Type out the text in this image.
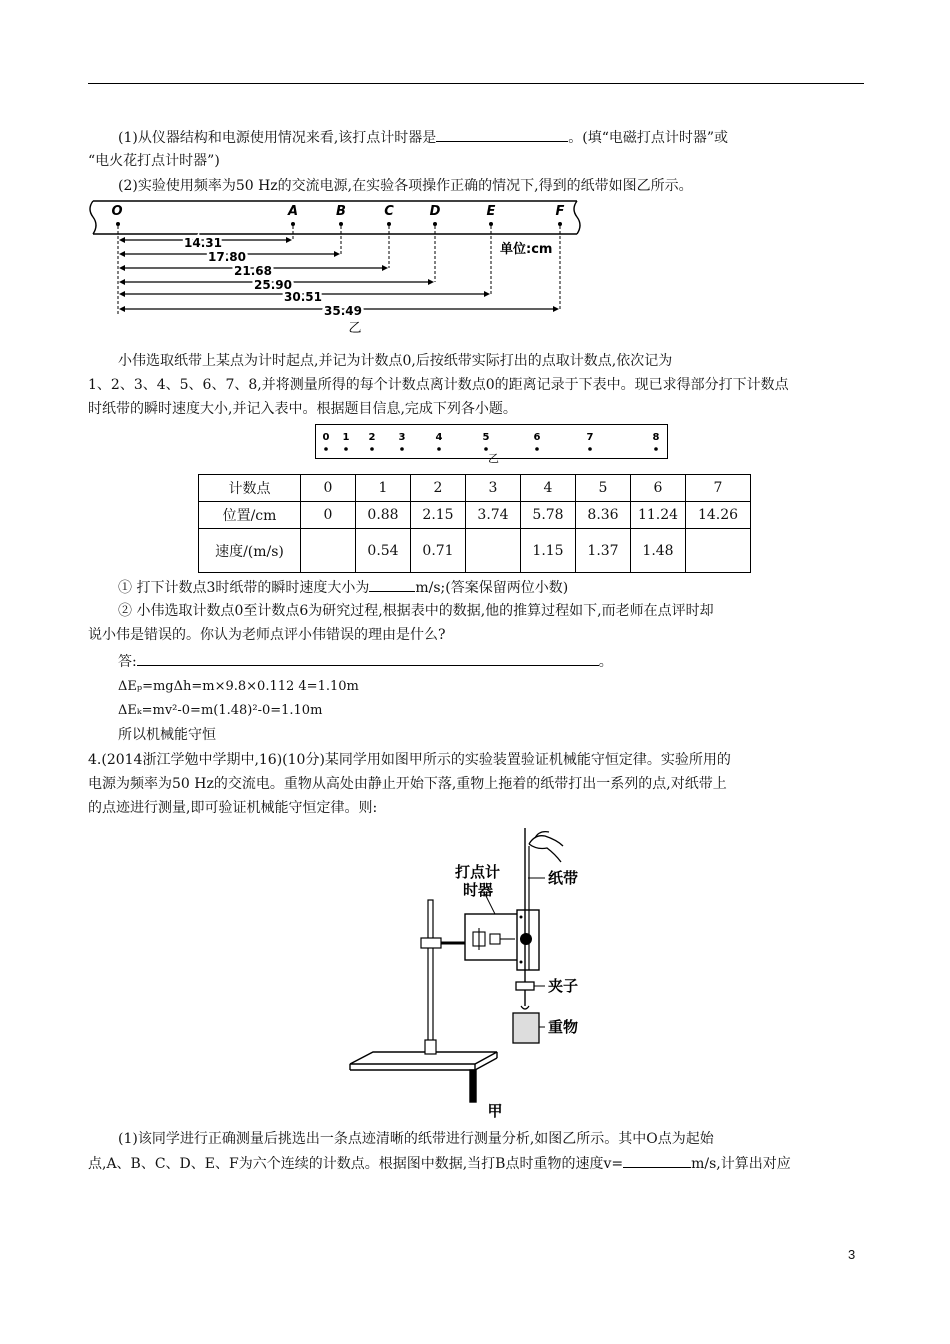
(1)从仪器结构和电源使用情况来看,该打点计时器是	。(填“电磁打点计时器”或
“电火花打点计时器”)
(2)实验使用频率为50 Hz的交流电源,在实验各项操作正确的情况下,得到的纸带如图乙所示。
O	A	B	C	D	E	F
14.31
17.80
21.68
25.90
30.51
35.49
单位:cm
乙
小伟选取纸带上某点为计时起点,并记为计数点0,后按纸带实际打出的点取计数点,依次记为
1、2、3、4、5、6、7、8,并将测量所得的每个计数点离计数点0的距离记录于下表中。现已求得部分打下计数点
时纸带的瞬时速度大小,并记入表中。根据题目信息,完成下列各小题。
0 1 2 3	4	5	6	7	8
乙
计数点	0	1	2	3	4	5	6	7
位置/cm	0	0.88	2.15	3.74	5.78	8.36	11.24	14.26
速度/(m/s)		0.54	0.71		1.15	1.37	1.48	
① 打下计数点3时纸带的瞬时速度大小为	m/s;(答案保留两位小数)
② 小伟选取计数点0至计数点6为研究过程,根据表中的数据,他的推算过程如下,而老师在点评时却
说小伟是错误的。你认为老师点评小伟错误的理由是什么?
答:	。
ΔEₚ=mgΔh=m×9.8×0.112 4=1.10m
ΔEₖ=mv²-0=m(1.48)²-0=1.10m
所以机械能守恒
4.(2014浙江学勉中学期中,16)(10分)某同学用如图甲所示的实验装置验证机械能守恒定律。实验所用的
电源为频率为50 Hz的交流电。重物从高处由静止开始下落,重物上拖着的纸带打出一系列的点,对纸带上
的点迹进行测量,即可验证机械能守恒定律。则:
打点计
时器
纸带
夹子
重物
甲
(1)该同学进行正确测量后挑选出一条点迹清晰的纸带进行测量分析,如图乙所示。其中O点为起始
点,A、B、C、D、E、F为六个连续的计数点。根据图中数据,当打B点时重物的速度v=	m/s,计算出对应
3
